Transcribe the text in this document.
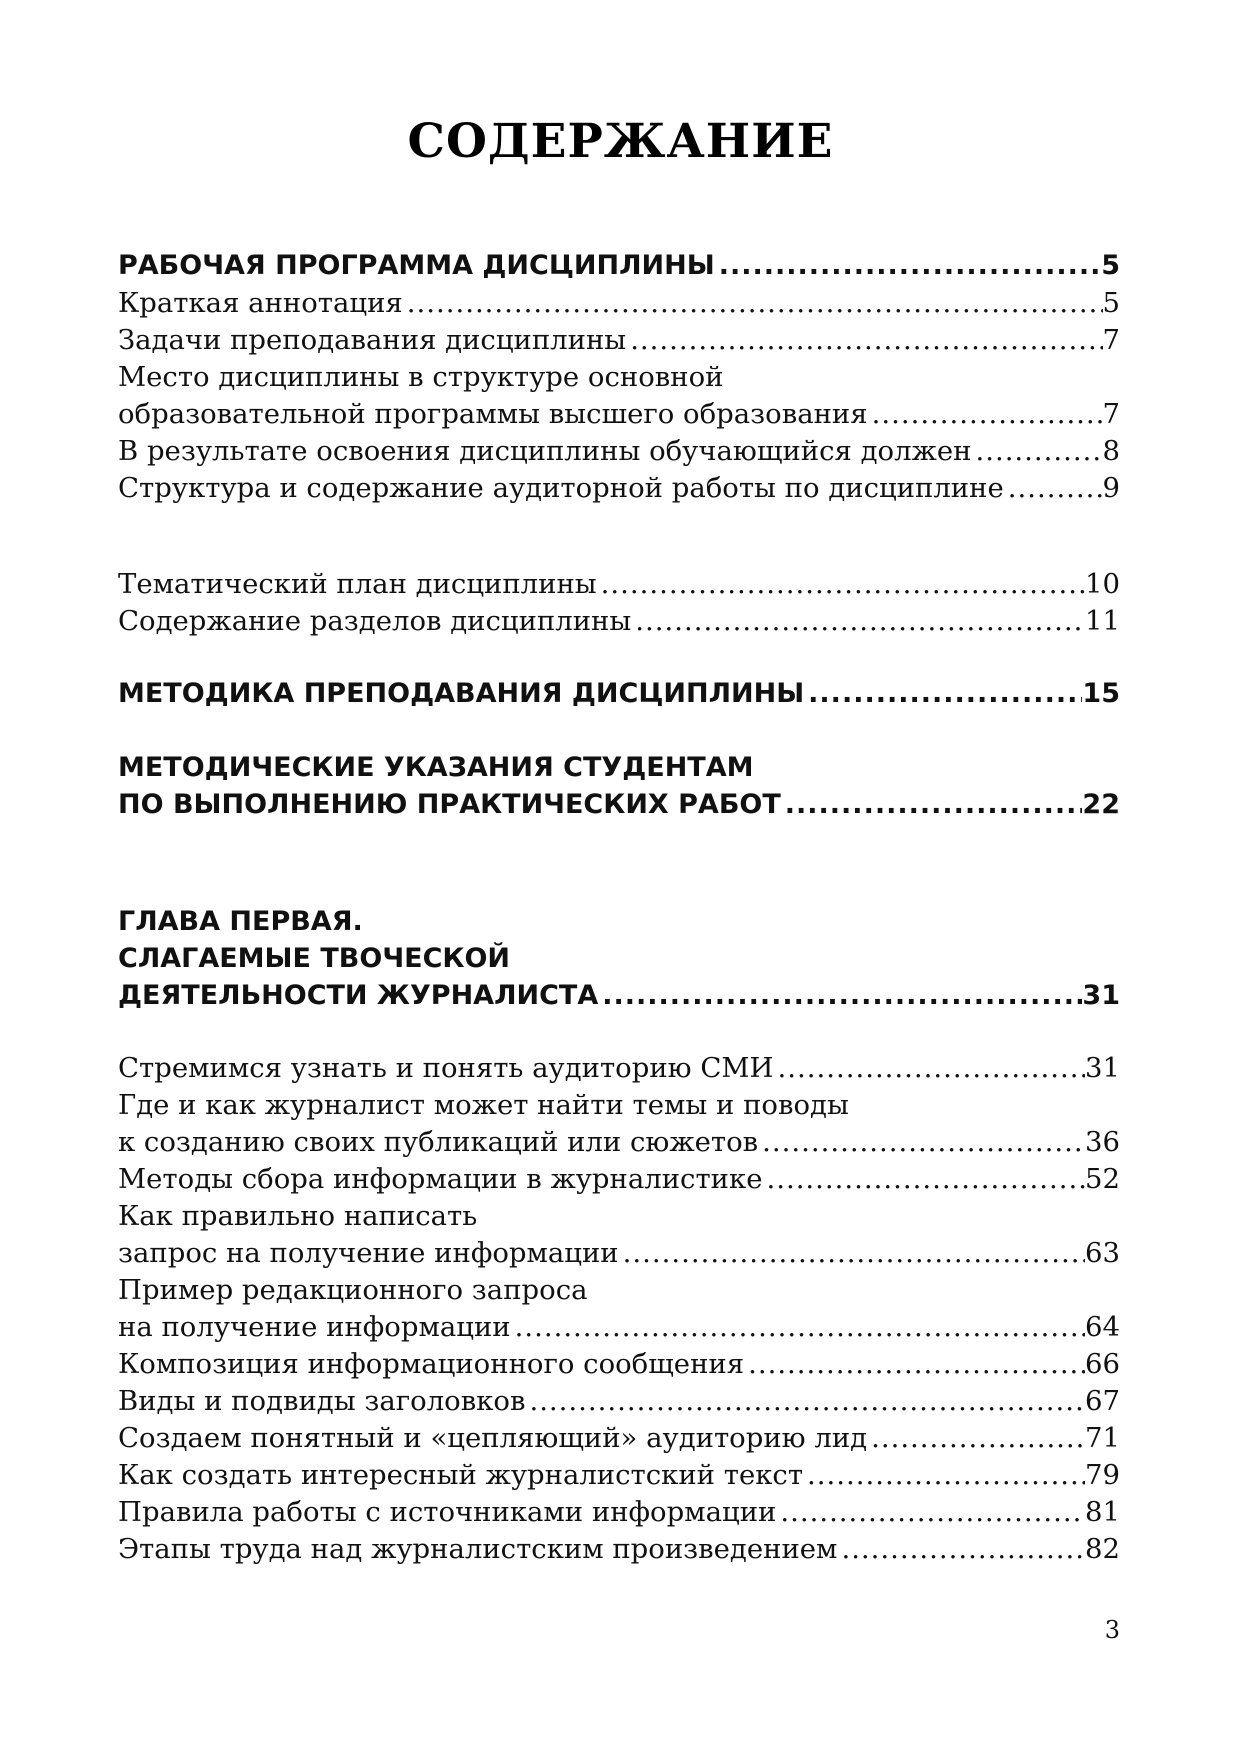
СОДЕРЖАНИЕ
РАБОЧАЯ ПРОГРАММА ДИСЦИПЛИНЫ .....	5
Краткая аннотация .....	5
Задачи преподавания дисциплины .....	7
Место дисциплины в структуре основной
образовательной программы высшего образования .....	7
В результате освоения дисциплины обучающийся должен .....	8
Структура и содержание аудиторной работы по дисциплине .....	9
Тематический план дисциплины .....	10
Содержание разделов дисциплины .....	11
МЕТОДИКА ПРЕПОДАВАНИЯ ДИСЦИПЛИНЫ .....	15
МЕТОДИЧЕСКИЕ УКАЗАНИЯ СТУДЕНТАМ
ПО ВЫПОЛНЕНИЮ ПРАКТИЧЕСКИХ РАБОТ .....	22
ГЛАВА ПЕРВАЯ.
СЛАГАЕМЫЕ ТВОЧЕСКОЙ
ДЕЯТЕЛЬНОСТИ ЖУРНАЛИСТА .....	31
Стремимся узнать и понять аудиторию СМИ .....	31
Где и как журналист может найти темы и поводы
к созданию своих публикаций или сюжетов .....	36
Методы сбора информации в журналистике .....	52
Как правильно написать
запрос на получение информации .....	63
Пример редакционного запроса
на получение информации .....	64
Композиция информационного сообщения .....	66
Виды и подвиды заголовков .....	67
Создаем понятный и «цепляющий» аудиторию лид .....	71
Как создать интересный журналистский текст .....	79
Правила работы с источниками информации .....	81
Этапы труда над журналистским произведением .....	82
3
